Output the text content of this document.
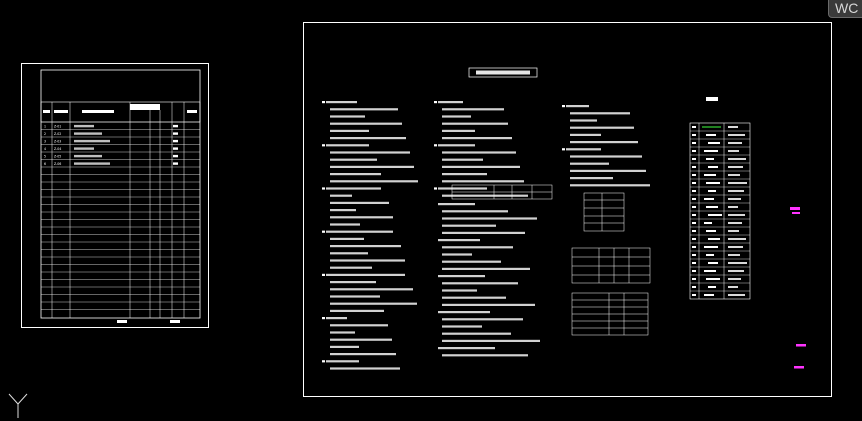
1 Z-01
2 Z-02
3 Z-03
4 Z-04
5 Z-05
6 Z-06
WC
